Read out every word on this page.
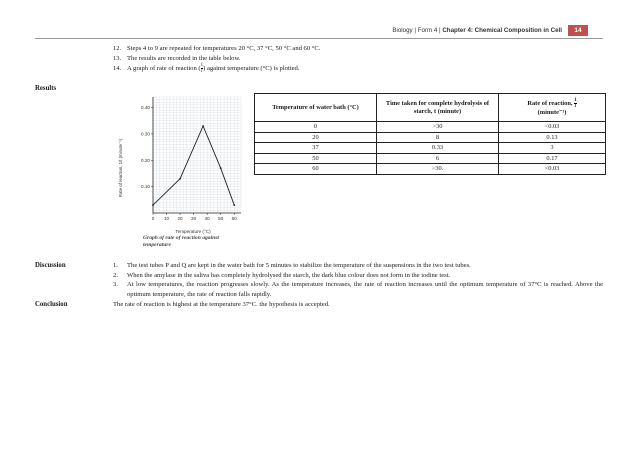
Biology | Form 4 | Chapter 4: Chemical Composition in Cell	14
12. Steps 4 to 9 are repeated for temperatures 20 °C, 37 °C, 50 °C and 60 °C.
13. The results are recorded in the table below.
14. A graph of rate of reaction ( $\frac{1}{t}$ ) against temperature (°C) is plotted.
Results
0 10 20 30 40 50 60
0.10
0.20
0.30
0.40
Rate of reaction, 1/t (minute⁻¹)
Temperature (°C)
Graph of rate of reaction against
temperature
Temperature of water bath (°C)	Time taken for complete hydrolysis of starch, t (minute)	Rate of reaction, $\frac{1}{t}$

(minute⁻¹)
0	>30	<0.03
20	8	0.13
37	0.33	3
50	6	0.17
60	>30.	<0.03
Discussion	1.	The test tubes P and Q are kept in the water bath for 5 minutes to stabilize the temperature of the suspensions in the two test tubes.
2.	When the amylase in the saliva has completely hydrolysed the starch, the dark blue colour does not form in the iodine test.
3.	At low temperatures, the reaction progresses slowly. As the temperature increases, the rate of reaction increases until the optimum temperature of 37°C is reached. Above the optimum temperature, the rate of reaction falls rapidly.
Conclusion	The rate of reaction is highest at the temperature 37°C. the hypothesis is accepted.
